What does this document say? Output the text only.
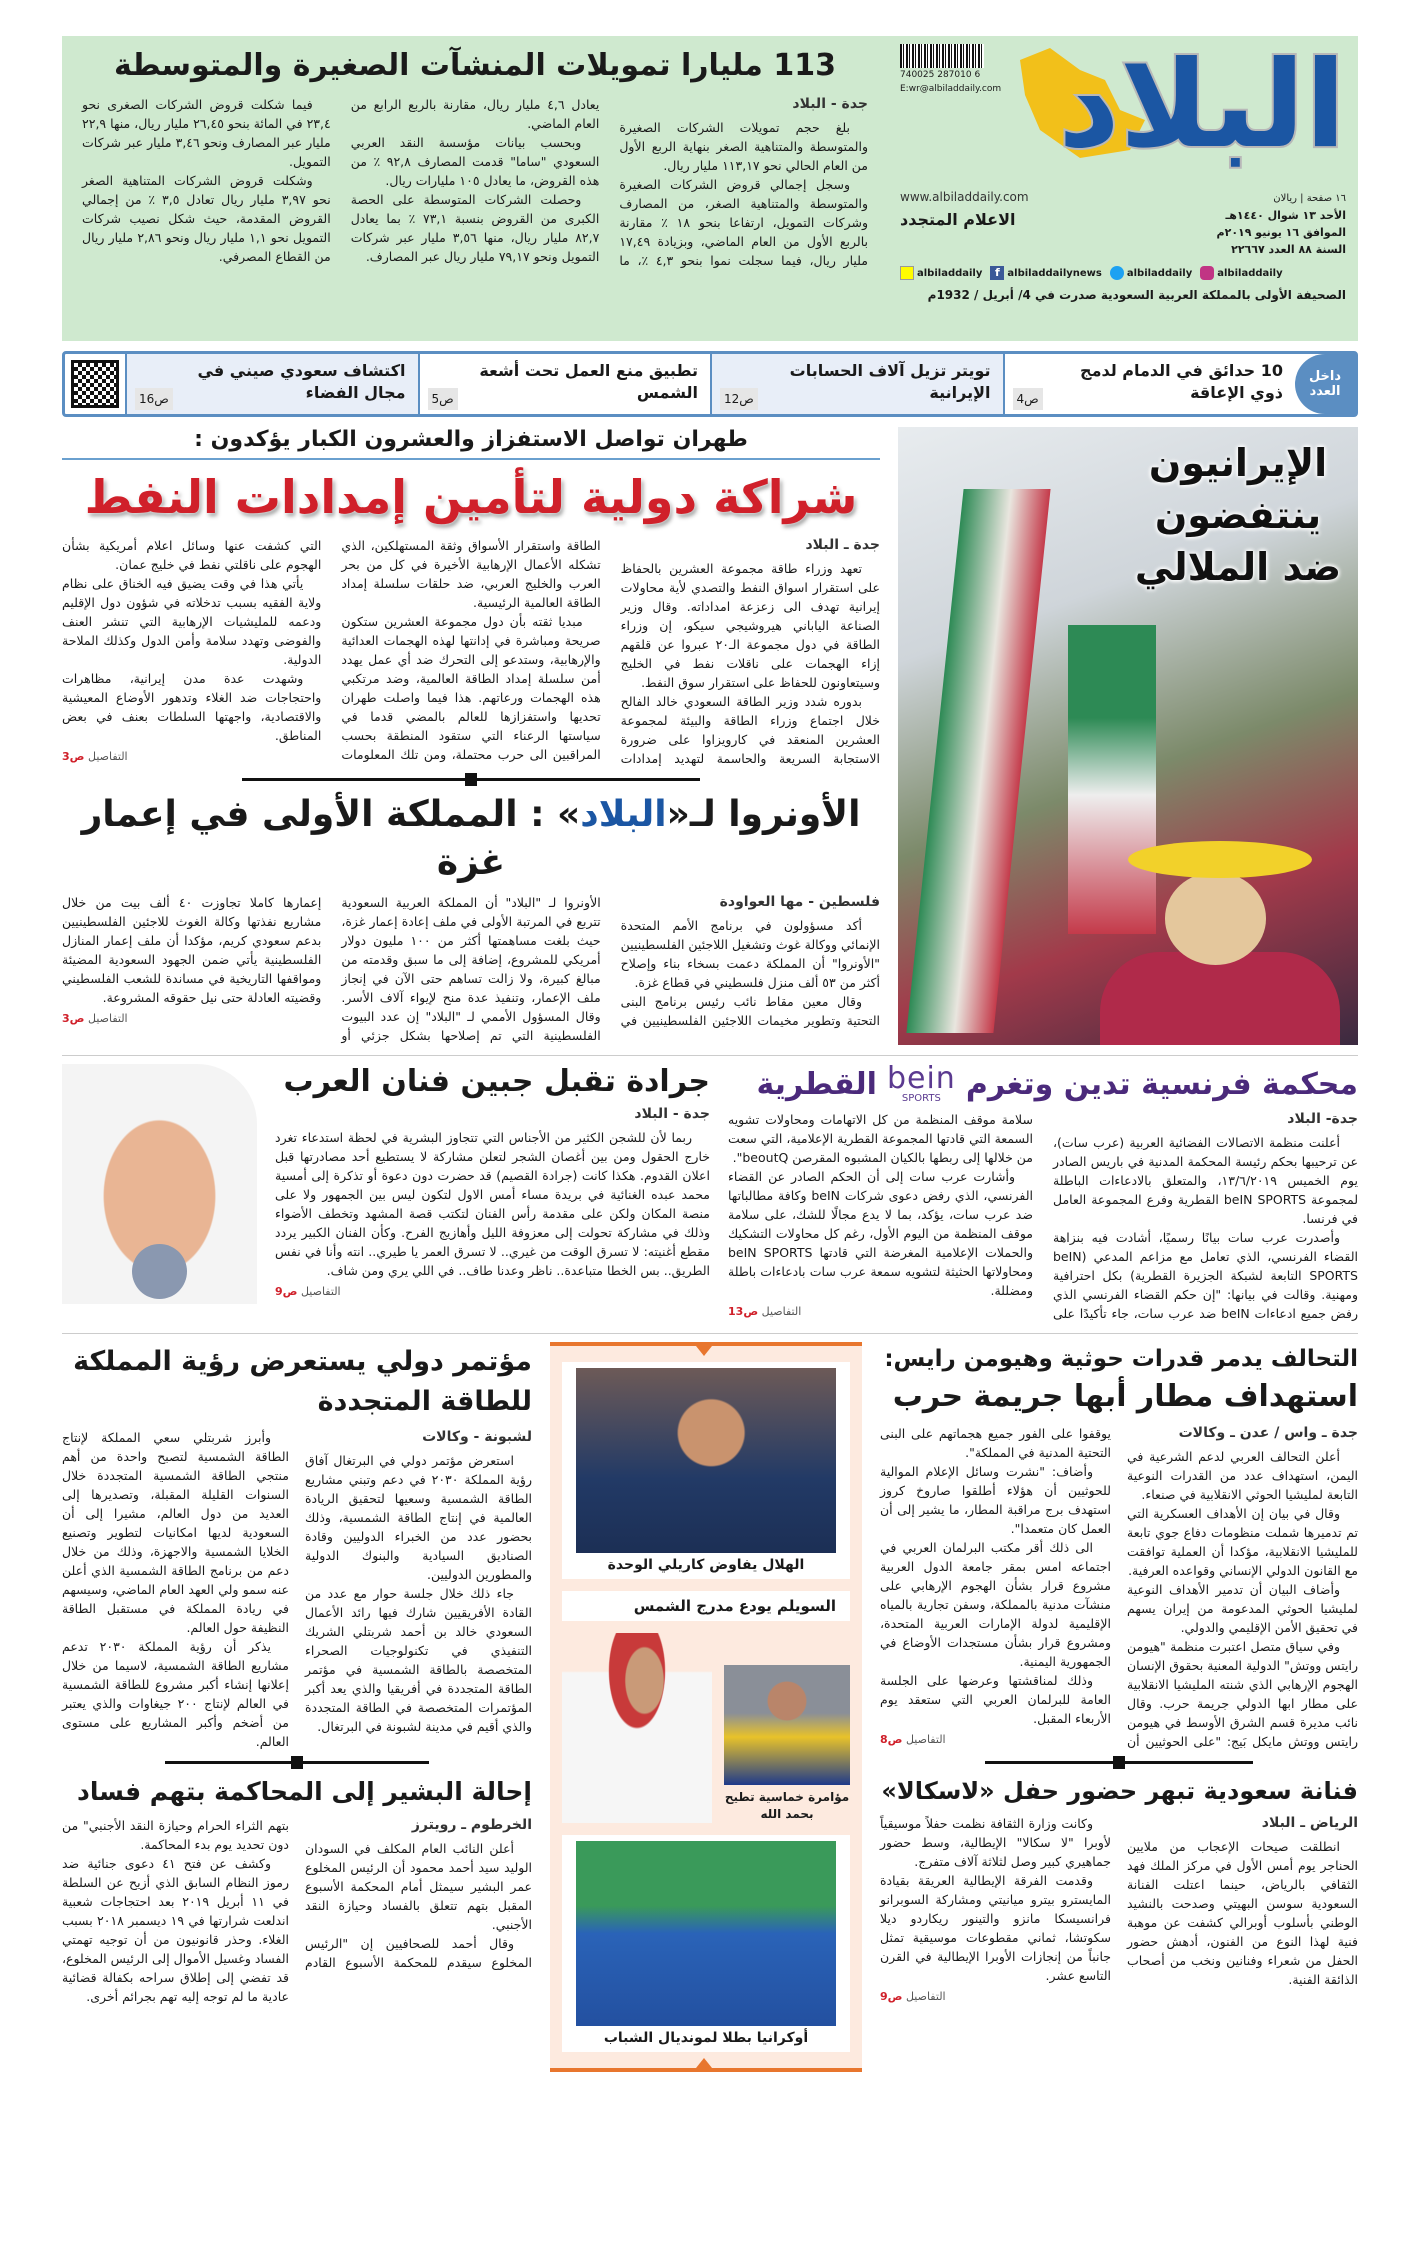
6 287010 740025
E:wr@albiladdaily.com البلاد
١٦ صفحة | ريالان
الأحد ١٣ شوال ١٤٤٠هـ
الموافق ١٦ يونيو ٢٠١٩م
السنة ٨٨ العدد ٢٢٦٦٧
www.albiladdaily.com
الاعلام المتجدد
albiladdaily
albiladdaily
f albiladdailynews
albiladdaily
الصحيفة الأولى بالمملكة العربية السعودية صدرت في 4/ أبريل / 1932م
113 مليارا تمويلات المنشآت الصغيرة والمتوسطة

جدة - البلاد

بلغ حجم تمويلات الشركات الصغيرة والمتوسطة والمتناهية الصغر بنهاية الربع الأول من العام الحالي نحو ١١٣,١٧ مليار ريال.

وسجل إجمالي قروض الشركات الصغيرة والمتوسطة والمتناهية الصغر، من المصارف وشركات التمويل، ارتفاعا بنحو ١٨ ٪ مقارنة بالربع الأول من العام الماضي، وبزيادة ١٧,٤٩ مليار ريال، فيما سجلت نموا بنحو ٤,٣ ٪، ما يعادل ٤,٦ مليار ريال، مقارنة بالربع الرابع من العام الماضي.

وبحسب بيانات مؤسسة النقد العربي السعودي "ساما" قدمت المصارف ٩٢,٨ ٪ من هذه القروض، ما يعادل ١٠٥ مليارات ريال.

وحصلت الشركات المتوسطة على الحصة الكبرى من القروض بنسبة ٧٣,١ ٪ بما يعادل ٨٢,٧ مليار ريال، منها ٣,٥٦ مليار عبر شركات التمويل ونحو ٧٩,١٧ مليار ريال عبر المصارف.

فيما شكلت قروض الشركات الصغرى نحو ٢٣,٤ في المائة بنحو ٢٦,٤٥ مليار ريال، منها ٢٢,٩ مليار عبر المصارف ونحو ٣,٤٦ مليار عبر شركات التمويل.

وشكلت قروض الشركات المتناهية الصغر نحو ٣,٩٧ مليار ريال تعادل ٣,٥ ٪ من إجمالي القروض المقدمة، حيث شكل نصيب شركات التمويل نحو ١,١ مليار ريال ونحو ٢,٨٦ مليار ريال من القطاع المصرفي.

داخل العدد
10 حدائق في الدمام لدمج ذوي الإعاقة
ص4
تويتر تزيل آلاف الحسابات الإيرانية
ص12
تطبيق منع العمل تحت أشعة الشمس
ص5
اكتشاف سعودي صيني في مجال الفضاء
ص16
الإيرانيون ينتفضون ضد الملالي
طهران تواصل الاستفزاز والعشرون الكبار يؤكدون :
شراكة دولية لتأمين إمدادات النفط

جدة ـ البلاد

تعهد وزراء طاقة مجموعة العشرين بالحفاظ على استقرار اسواق النفط والتصدي لأية محاولات إيرانية تهدف الى زعزعة امداداته. وقال وزير الصناعة الياباني هيروشيجي سيكو، إن وزراء الطاقة في دول مجموعة الـ٢٠ عبروا عن قلقهم إزاء الهجمات على ناقلات نفط في الخليج وسيتعاونون للحفاظ على استقرار سوق النفط.

بدوره شدد وزير الطاقة السعودي خالد الفالح خلال اجتماع وزراء الطاقة والبيئة لمجموعة العشرين المنعقد في كارويزاوا على ضرورة الاستجابة السريعة والحاسمة لتهديد إمدادات الطاقة واستقرار الأسواق وثقة المستهلكين، الذي تشكله الأعمال الإرهابية الأخيرة في كل من بحر العرب والخليج العربي، ضد حلقات سلسلة إمداد الطاقة العالمية الرئيسية.

مبديا ثقته بأن دول مجموعة العشرين ستكون صريحة ومباشرة في إدانتها لهذه الهجمات العدائية والإرهابية، وستدعو إلى التحرك ضد أي عمل يهدد أمن سلسلة إمداد الطاقة العالمية، وضد مرتكبي هذه الهجمات ورعاتهم. هذا فيما واصلت طهران تحديها واستفزازها للعالم بالمضي قدما في سياستها الرعناء التي ستقود المنطقة بحسب المراقبين الى حرب محتملة، ومن تلك المعلومات التي كشفت عنها وسائل اعلام أمريكية بشأن الهجوم على ناقلتي نفط في خليج عمان.

يأتي هذا في وقت يضيق فيه الخناق على نظام ولاية الفقيه بسبب تدخلاته في شؤون دول الإقليم ودعمه للمليشيات الإرهابية التي تنشر العنف والفوضى وتهدد سلامة وأمن الدول وكذلك الملاحة الدولية.

وشهدت عدة مدن إيرانية، مظاهرات واحتجاجات ضد الغلاء وتدهور الأوضاع المعيشية والاقتصادية، واجهتها السلطات بعنف في بعض المناطق.

التفاصيل ص3

الأونروا لـ«البلاد» : المملكة الأولى في إعمار غزة

فلسطين - مها العواودة

أكد مسؤولون في برنامج الأمم المتحدة الإنمائي ووكالة غوث وتشغيل اللاجئين الفلسطينيين "الأونروا" أن المملكة دعمت بسخاء بناء وإصلاح أكثر من ٥٣ ألف منزل فلسطيني في قطاع غزة.

وقال معين مقاط نائب رئيس برنامج البنى التحتية وتطوير مخيمات اللاجئين الفلسطينيين في الأونروا لـ "البلاد" أن المملكة العربية السعودية تتربع في المرتبة الأولى في ملف إعادة إعمار غزة، حيث بلغت مساهمتها أكثر من ١٠٠ مليون دولار أمريكي للمشروع، إضافة إلى ما سبق وقدمته من مبالغ كبيرة، ولا زالت تساهم حتى الآن في إنجاز ملف الإعمار، وتنفيذ عدة منح لإيواء آلاف الأسر. وقال المسؤول الأممي لـ "البلاد" إن عدد البيوت الفلسطينية التي تم إصلاحها بشكل جزئي أو إعمارها كاملا تجاوزت ٤٠ ألف بيت من خلال مشاريع نفذتها وكالة الغوث للاجئين الفلسطينيين بدعم سعودي كريم، مؤكدا أن ملف إعمار المنازل الفلسطينية يأتي ضمن الجهود السعودية المضيئة ومواقفها التاريخية في مساندة للشعب الفلسطيني وقضيته العادلة حتى نيل حقوقه المشروعة.

التفاصيل ص3

محكمة فرنسية تدين وتغرم
bein
SPORTS
القطرية

جدة- البلاد

أعلنت منظمة الاتصالات الفضائية العربية (عرب سات)، عن ترحيبها بحكم رئيسة المحكمة المدنية في باريس الصادر يوم الخميس ١٣/٦/٢٠١٩، والمتعلق بالادعاءات الباطلة لمجموعة beIN SPORTS القطرية وفرع المجموعة العامل في فرنسا.

وأصدرت عرب سات بيانًا رسميًا، أشادت فيه بنزاهة القضاء الفرنسي، الذي تعامل مع مزاعم المدعي (beIN SPORTS التابعة لشبكة الجزيرة القطرية) بكل احترافية ومهنية. وقالت في بيانها: "إن حكم القضاء الفرنسي الذي رفض جميع ادعاءات beIN ضد عرب سات، جاء تأكيدًا على سلامة موقف المنظمة من كل الاتهامات ومحاولات تشويه السمعة التي قادتها المجموعة القطرية الإعلامية، التي سعت من خلالها إلى ربطها بالكيان المشبوه المقرصن beoutQ".

وأشارت عرب سات إلى أن الحكم الصادر عن القضاء الفرنسي، الذي رفض دعوى شركات beIN وكافة مطالباتها ضد عرب سات، يؤكد، بما لا يدع مجالًا للشك، على سلامة موقف المنظمة من اليوم الأول، رغم كل محاولات التشكيك والحملات الإعلامية المغرضة التي قادتها beIN SPORTS ومحاولاتها الحثيثة لتشويه سمعة عرب سات بادعاءات باطلة ومضللة.

التفاصيل ص13

جرادة تقبل جبين فنان العرب

جدة - البلاد

ربما لأن للشجن الكثير من الأجناس التي تتجاوز البشرية في لحظة استدعاء تغرد خارج الحقول ومن بين أغصان الشجر لتعلن مشاركة لا يستطيع أحد مصادرتها قبل اعلان القدوم. هكذا كانت (جرادة القصيم) قد حضرت دون دعوة أو تذكرة إلى أمسية محمد عبده الغنائية في بريدة مساء أمس الاول لتكون ليس بين الجمهور ولا على منصة المكان ولكن على مقدمة رأس الفنان لتكتب قصة المشهد وتخطف الأضواء وذلك في مشاركة تحولت إلى معزوفة الليل وأهازيج الفرح. وكأن الفنان الكبير يردد مقطع أغنيته: لا تسرق الوقت من غيري.. لا تسرق العمر يا طيري.. انته وأنا في نفس الطريق.. بس الخطا متباعدة.. ناظر وعدنا طاف.. في اللي يري ومن شاف.

التفاصيل ص9

التحالف يدمر قدرات حوثية وهيومن رايس:
استهداف مطار أبها جريمة حرب

جدة ـ واس / عدن ـ وكالات

أعلن التحالف العربي لدعم الشرعية في اليمن، استهداف عدد من القدرات النوعية التابعة لمليشيا الحوثي الانقلابية في صنعاء.

وقال في بيان إن الأهداف العسكرية التي تم تدميرها شملت منظومات دفاع جوي تابعة للمليشيا الانقلابية، مؤكدا أن العملية توافقت مع القانون الدولي الإنساني وقواعده العرفية.

وأضاف البيان أن تدمير الأهداف النوعية لمليشيا الحوثي المدعومة من إيران يسهم في تحقيق الأمن الإقليمي والدولي.

وفي سياق متصل اعتبرت منظمة "هيومن رايتس ووتش" الدولية المعنية بحقوق الإنسان الهجوم الإرهابي الذي شنته المليشيا الانقلابية على مطار ابها الدولي جريمة حرب. وقال نائب مديرة قسم الشرق الأوسط في هيومن رايتس ووتش مايكل بَيج: "على الحوثيين أن يوقفوا على الفور جميع هجماتهم على البنى التحتية المدنية في المملكة".

وأضاف: "نشرت وسائل الإعلام الموالية للحوثيين أن هؤلاء أطلقوا صاروخ كروز استهدف برج مراقبة المطار، ما يشير إلى أن العمل كان متعمدا".

الى ذلك أقر مكتب البرلمان العربي في اجتماعه امس بمقر جامعة الدول العربية مشروع قرار بشأن الهجوم الإرهابي على منشآت مدنية بالمملكة، وسفن تجارية بالمياه الإقليمية لدولة الإمارات العربية المتحدة، ومشروع قرار بشأن مستجدات الأوضاع في الجمهورية اليمنية.

وذلك لمناقشتها وعرضها على الجلسة العامة للبرلمان العربي التي ستعقد يوم الأربعاء المقبل.

التفاصيل ص8

فنانة سعودية تبهر حضور حفل «لاسكالا»

الرياض ـ البلاد

انطلقت صيحات الإعجاب من ملايين الحناجر يوم أمس الأول في مركز الملك فهد الثقافي بالرياض، حينما اعتلت الفنانة السعودية سوسن البهيتي وصدحت بالنشيد الوطني بأسلوب أوبرالي كشفت عن موهبة فنية لهذا النوع من الفنون، أدهش حضور الحفل من شعراء وفنانين ونخب من أصحاب الذائقة الفنية.

وكانت وزارة الثقافة نظمت حفلاً موسيقياً لأوبرا "لا سكالا" الإيطالية، وسط حضور جماهيري كبير وصل لثلاثة آلاف متفرج.

وقدمت الفرقة الإيطالية العريقة بقيادة المايسترو بيترو ميانيتي ومشاركة السوبرانو فرانسيسكا مانزو والتينور ريكاردو ديلا سكوتشا، ثماني مقطوعات موسيقية تمثل جانباً من إنجازات الأوبرا الإيطالية في القرن التاسع عشر.

التفاصيل ص9

الهلال يفاوض كاريلي الوحدة
السويلم يودع مدرج الشمس
مؤامرة خماسية تطيح بحمد الله
أوكرانيا بطلا لمونديال الشباب
مؤتمر دولي يستعرض رؤية المملكة
للطاقة المتجددة

لشبونة - وكالات

استعرض مؤتمر دولي في البرتغال آفاق رؤية المملكة ٢٠٣٠ في دعم وتبني مشاريع الطاقة الشمسية وسعيها لتحقيق الريادة العالمية في إنتاج الطاقة الشمسية، وذلك بحضور عدد من الخبراء الدوليين وقادة الصناديق السيادية والبنوك الدولية والمطورين الدوليين.

جاء ذلك خلال جلسة حوار مع عدد من القادة الأفريقيين شارك فيها رائد الأعمال السعودي خالد بن أحمد شربتلي الشريك التنفيذي في تكنولوجيات الصحراء المتخصصة بالطاقة الشمسية في مؤتمر الطاقة المتجددة في أفريقيا والذي يعد أكبر المؤتمرات المتخصصة في الطاقة المتجددة والذي أقيم في مدينة لشبونة في البرتغال.

وأبرز شربتلي سعي المملكة لإنتاج الطاقة الشمسية لتصبح واحدة من أهم منتجي الطاقة الشمسية المتجددة خلال السنوات القليلة المقبلة، وتصديرها إلى العديد من دول العالم، مشيرا إلى أن السعودية لديها امكانيات لتطوير وتصنيع الخلايا الشمسية والاجهزة، وذلك من خلال دعم من برنامج الطاقة الشمسية الذي أعلن عنه سمو ولي العهد العام الماضي، وسيسهم في ريادة المملكة في مستقبل الطاقة النظيفة حول العالم.

يذكر أن رؤية المملكة ٢٠٣٠ تدعم مشاريع الطاقة الشمسية، لاسيما من خلال إعلانها إنشاء أكبر مشروع للطاقة الشمسية في العالم لإنتاج ٢٠٠ جيغاوات والذي يعتبر من أضخم وأكبر المشاريع على مستوى العالم.

إحالة البشير إلى المحاكمة بتهم فساد

الخرطوم ـ رويترز

أعلن النائب العام المكلف في السودان الوليد سيد أحمد محمود أن الرئيس المخلوع عمر البشير سيمثل أمام المحكمة الأسبوع المقبل بتهم تتعلق بالفساد وحيازة النقد الأجنبي.

وقال أحمد للصحافيين إن "الرئيس المخلوع سيقدم للمحكمة الأسبوع القادم بتهم الثراء الحرام وحيازة النقد الأجنبي" من دون تحديد يوم بدء المحاكمة.

وكشف عن فتح ٤١ دعوى جنائية ضد رموز النظام السابق الذي أزيح عن السلطة في ١١ أبريل ٢٠١٩ بعد احتجاجات شعبية اندلعت شرارتها في ١٩ ديسمبر ٢٠١٨ بسبب الغلاء. وحذر قانونيون من أن توجيه تهمتي الفساد وغسيل الأموال إلى الرئيس المخلوع، قد تفضي إلى إطلاق سراحه بكفالة قضائية عادية ما لم توجه إليه تهم بجرائم أخرى.
